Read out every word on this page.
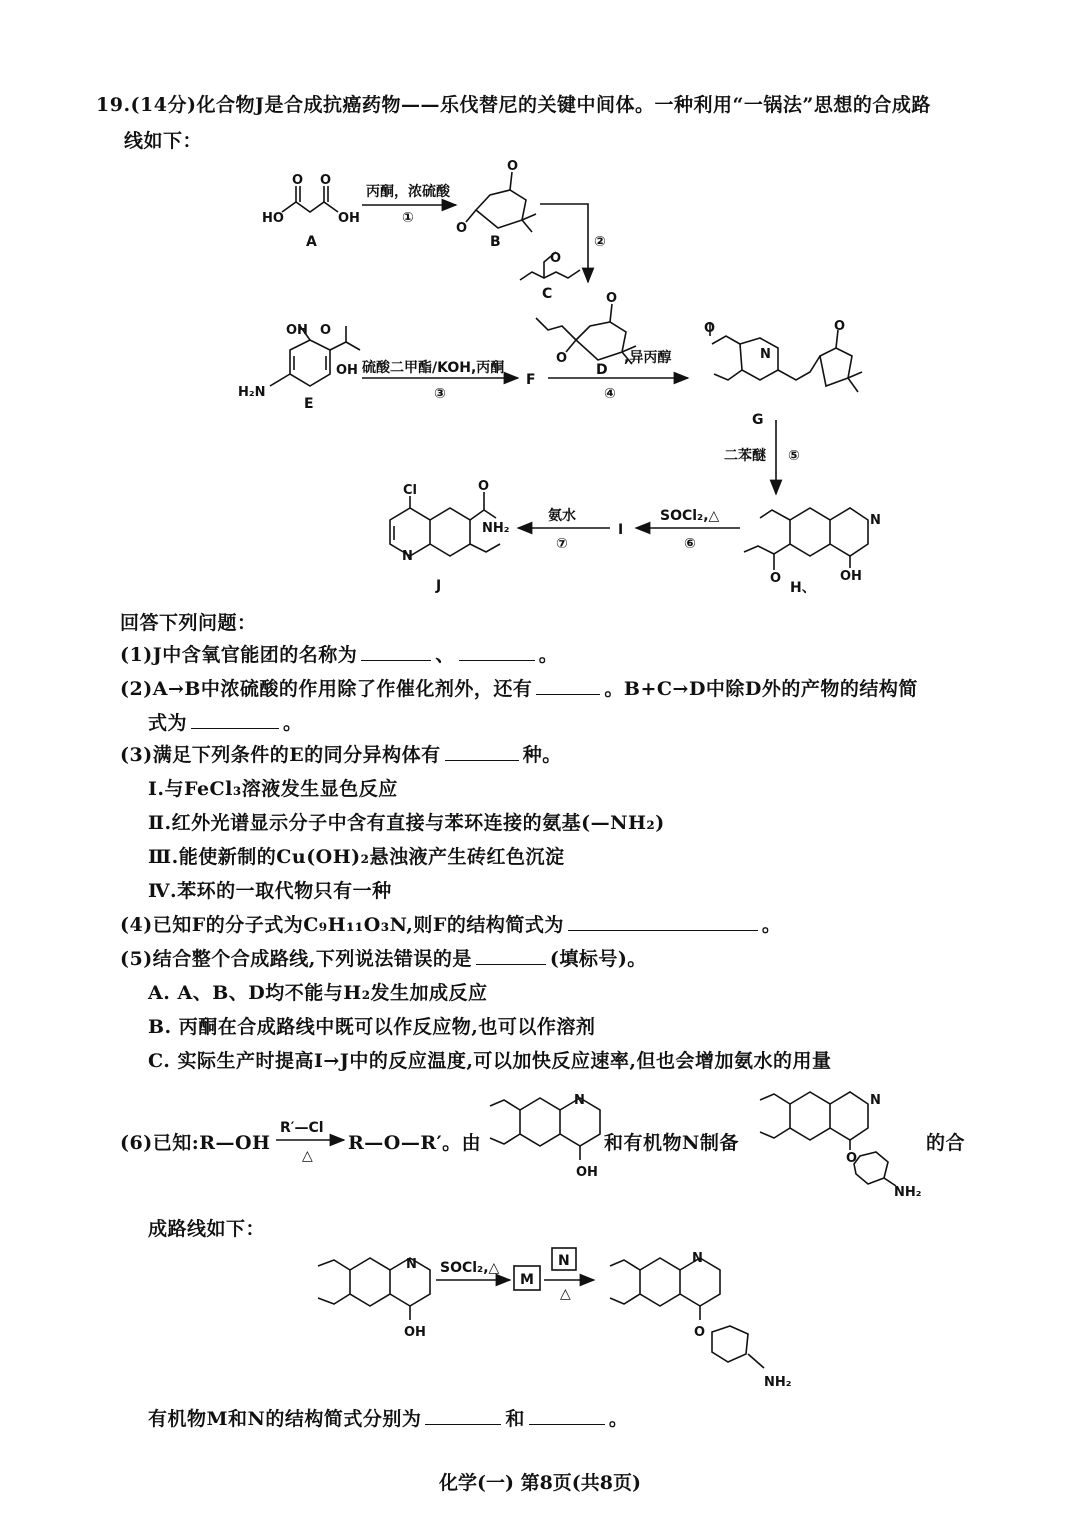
19.(14分)化合物J是合成抗癌药物——乐伐替尼的关键中间体。一种利用“一锅法”思想的合成路
线如下：
HO	OH
O O
A
O
O
B
O
C	O
O
D
OH O
OH
H₂N
E
F
O
N
O
G
N
OH
O
H、
I
Cl
N
O
NH₂
J
丙酮，浓硫酸
①
②
硫酸二甲酯/KOH,丙酮
③
,异丙醇
④
二苯醚 ⑤
SOCl₂,△
⑥
氨水
⑦
N
OH
N
O
NH₂
R′—Cl
△
N
OH
SOCl₂,△
M
N
△
N
O
NH₂
回答下列问题：
(1)J中含氧官能团的名称为	、	。
(2)A→B中浓硫酸的作用除了作催化剂外，还有	。B+C→D中除D外的产物的结构简
式为	。
(3)满足下列条件的E的同分异构体有	种。
Ⅰ.与FeCl₃溶液发生显色反应
Ⅱ.红外光谱显示分子中含有直接与苯环连接的氨基(—NH₂)
Ⅲ.能使新制的Cu(OH)₂悬浊液产生砖红色沉淀
Ⅳ.苯环的一取代物只有一种
(4)已知F的分子式为C₉H₁₁O₃N,则F的结构简式为	。
(5)结合整个合成路线,下列说法错误的是	(填标号)。
A. A、B、D均不能与H₂发生加成反应
B. 丙酮在合成路线中既可以作反应物,也可以作溶剂
C. 实际生产时提高I→J中的反应温度,可以加快反应速率,但也会增加氨水的用量
(6)已知:R—OH	R—O—R′。由	和有机物N制备	的合
成路线如下：
有机物M和N的结构简式分别为	和	。
化学(一) 第8页(共8页)
